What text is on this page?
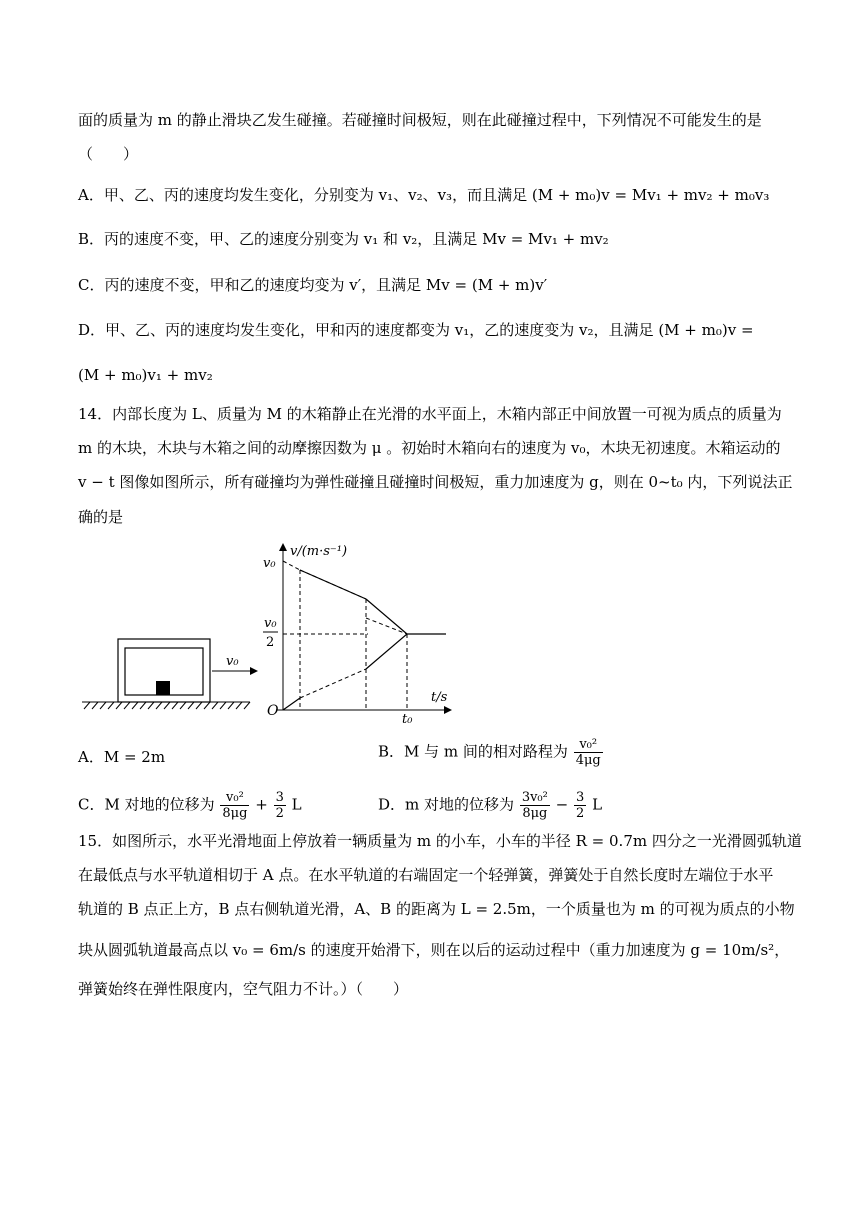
面的质量为 m 的静止滑块乙发生碰撞。若碰撞时间极短，则在此碰撞过程中，下列情况不可能发生的是
（　　）
A．甲、乙、丙的速度均发生变化，分别变为 v₁、v₂、v₃，而且满足 (M + m₀)v = Mv₁ + mv₂ + m₀v₃
B．丙的速度不变，甲、乙的速度分别变为 v₁ 和 v₂，且满足 Mv = Mv₁ + mv₂
C．丙的速度不变，甲和乙的速度均变为 v′，且满足 Mv = (M + m)v′
D．甲、乙、丙的速度均发生变化，甲和丙的速度都变为 v₁，乙的速度变为 v₂，且满足 (M + m₀)v =
(M + m₀)v₁ + mv₂
14．内部长度为 L、质量为 M 的木箱静止在光滑的水平面上，木箱内部正中间放置一可视为质点的质量为
m 的木块，木块与木箱之间的动摩擦因数为 μ 。初始时木箱向右的速度为 v₀，木块无初速度。木箱运动的
v − t 图像如图所示，所有碰撞均为弹性碰撞且碰撞时间极短，重力加速度为 g，则在 0~t₀ 内，下列说法正
确的是
v₀
v/(m·s⁻¹)
t/s
O
v₀
v₀
2
t₀
A．M = 2m	B．M 与 m 间的相对路程为 $\frac{\text{v₀²}}{4\mu g}$
C．M 对地的位移为 $\frac{\text{v₀²}}{8\mu g} + \frac{3}{2}$ L	D．m 对地的位移为 $\frac{\text{3v₀²}}{8\mu g} - \frac{3}{2}$ L
15．如图所示，水平光滑地面上停放着一辆质量为 m 的小车，小车的半径 R = 0.7m 四分之一光滑圆弧轨道
在最低点与水平轨道相切于 A 点。在水平轨道的右端固定一个轻弹簧，弹簧处于自然长度时左端位于水平
轨道的 B 点正上方，B 点右侧轨道光滑，A、B 的距离为 L = 2.5m，一个质量也为 m 的可视为质点的小物
块从圆弧轨道最高点以 v₀ = 6m/s 的速度开始滑下，则在以后的运动过程中（重力加速度为 g = 10m/s²，
弹簧始终在弹性限度内，空气阻力不计。）（　　）
